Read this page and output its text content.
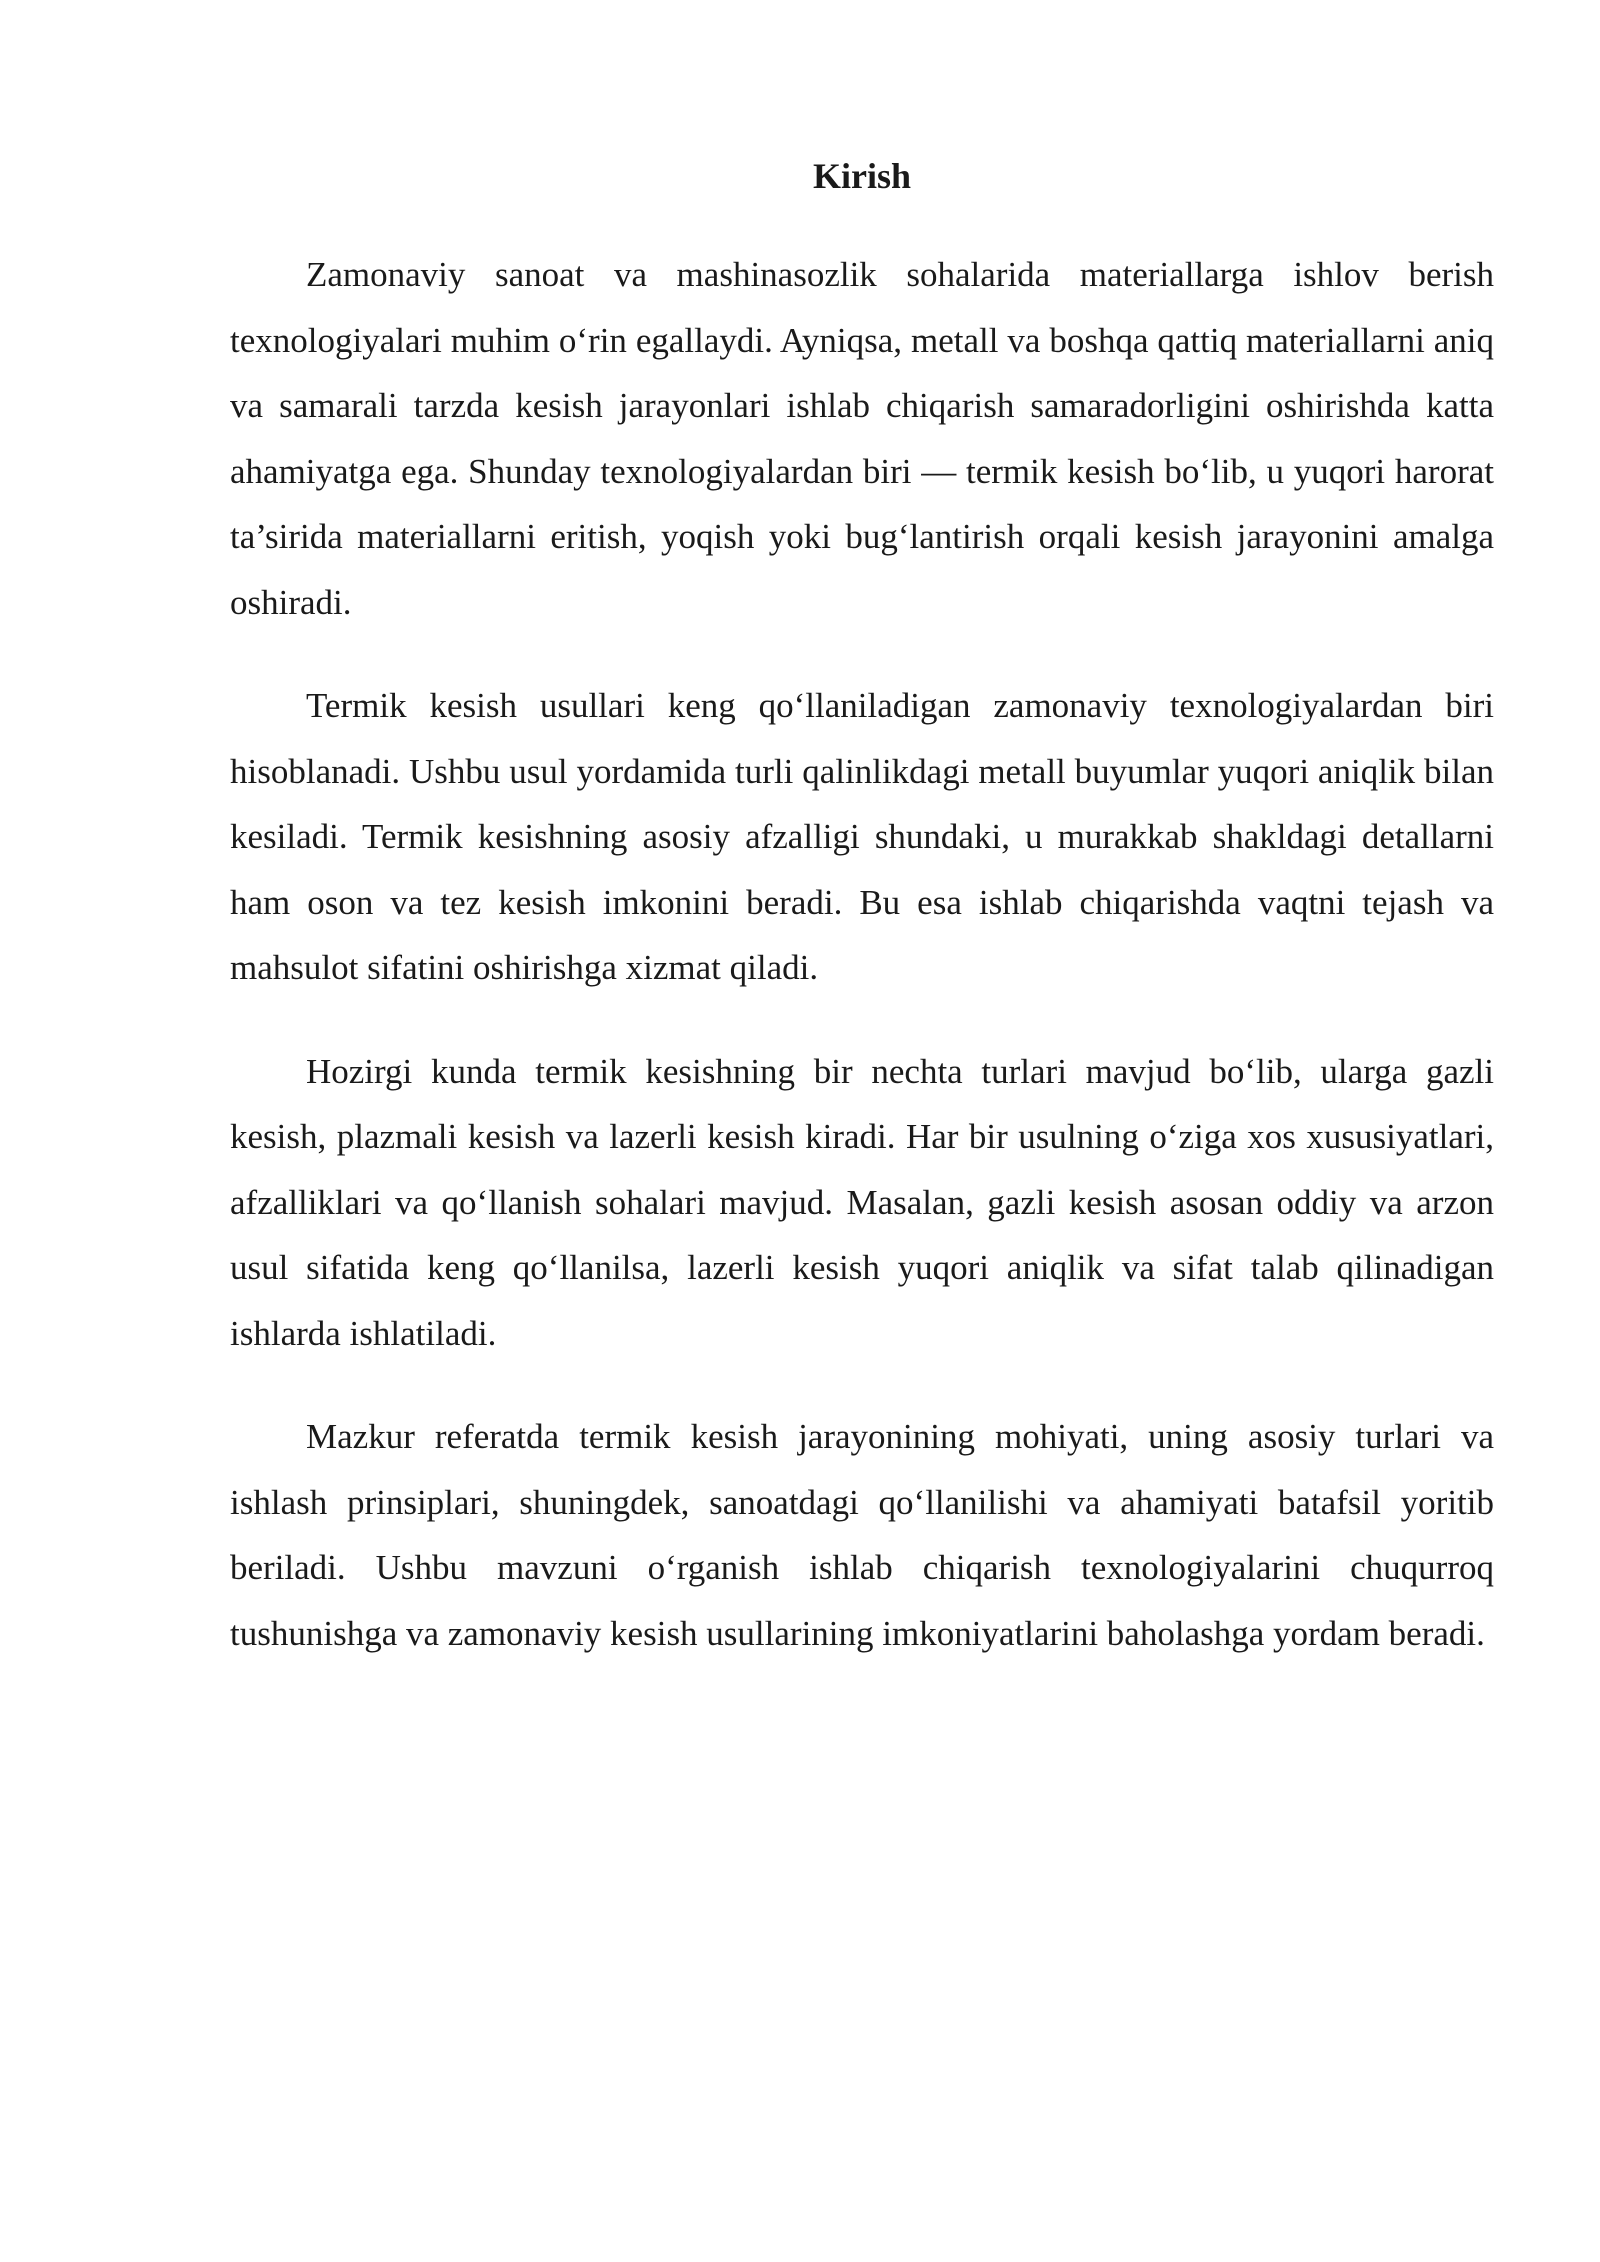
Kirish

Zamonaviy sanoat va mashinasozlik sohalarida materiallarga ishlov berish texnologiyalari muhim o‘rin egallaydi. Ayniqsa, metall va boshqa qattiq materiallarni aniq va samarali tarzda kesish jarayonlari ishlab chiqarish samaradorligini oshirishda katta ahamiyatga ega. Shunday texnologiyalardan biri — termik kesish bo‘lib, u yuqori harorat ta’sirida materiallarni eritish, yoqish yoki bug‘lantirish orqali kesish jarayonini amalga oshiradi.

Termik kesish usullari keng qo‘llaniladigan zamonaviy texnologiyalardan biri hisoblanadi. Ushbu usul yordamida turli qalinlikdagi metall buyumlar yuqori aniqlik bilan kesiladi. Termik kesishning asosiy afzalligi shundaki, u murakkab shakldagi detallarni ham oson va tez kesish imkonini beradi. Bu esa ishlab chiqarishda vaqtni tejash va mahsulot sifatini oshirishga xizmat qiladi.

Hozirgi kunda termik kesishning bir nechta turlari mavjud bo‘lib, ularga gazli kesish, plazmali kesish va lazerli kesish kiradi. Har bir usulning o‘ziga xos xususiyatlari, afzalliklari va qo‘llanish sohalari mavjud. Masalan, gazli kesish asosan oddiy va arzon usul sifatida keng qo‘llanilsa, lazerli kesish yuqori aniqlik va sifat talab qilinadigan ishlarda ishlatiladi.

Mazkur referatda termik kesish jarayonining mohiyati, uning asosiy turlari va ishlash prinsiplari, shuningdek, sanoatdagi qo‘llanilishi va ahamiyati batafsil yoritib beriladi. Ushbu mavzuni o‘rganish ishlab chiqarish texnologiyalarini chuqurroq tushunishga va zamonaviy kesish usullarining imkoniyatlarini baholashga yordam beradi.
